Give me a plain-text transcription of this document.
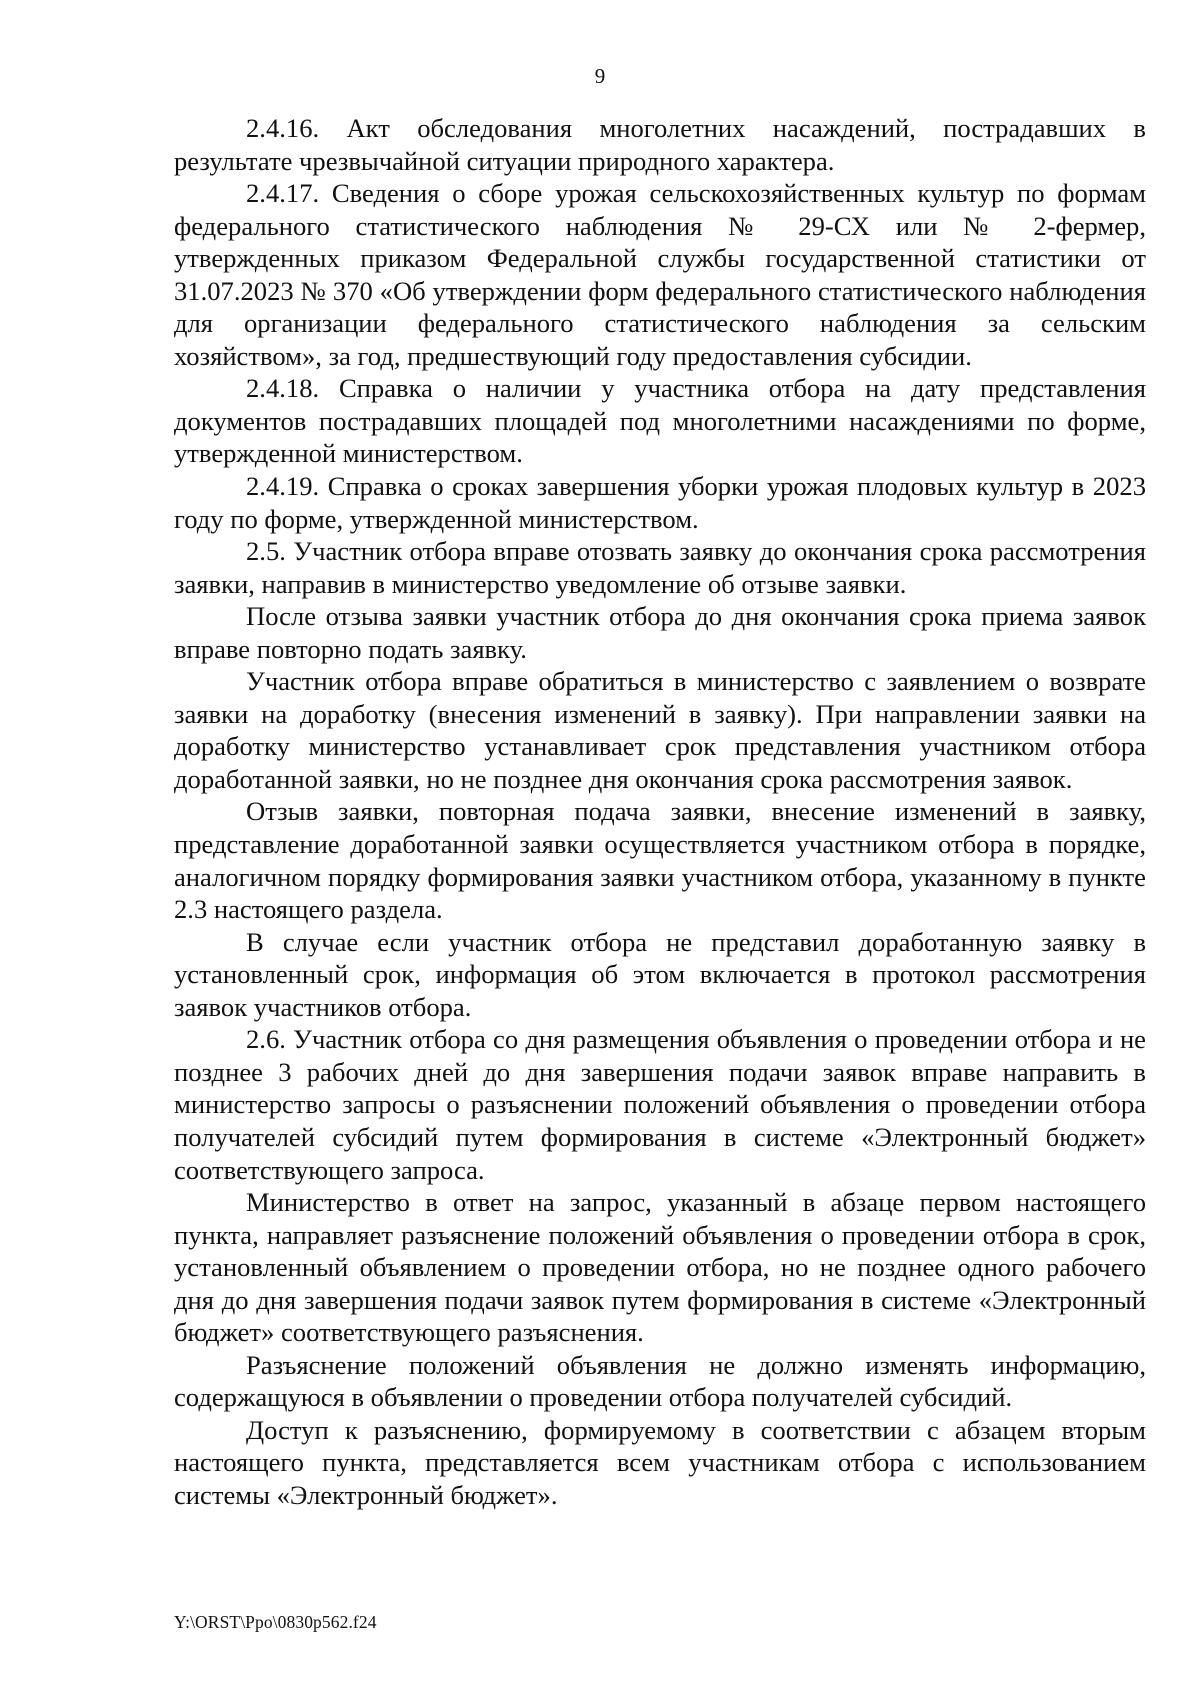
9

2.4.16. Акт обследования многолетних насаждений, пострадавших в результате чрезвычайной ситуации природного характера.

2.4.17. Сведения о сборе урожая сельскохозяйственных культур по формам федерального статистического наблюдения № 29-СХ или № 2-фермер, утвержденных приказом Федеральной службы государственной статистики от 31.07.2023 № 370 «Об утверждении форм федерального статистического наблюдения для организации федерального статистического наблюдения за сельским хозяйством», за год, предшествующий году предоставления субсидии.

2.4.18. Справка о наличии у участника отбора на дату представления документов пострадавших площадей под многолетними насаждениями по форме, утвержденной министерством.

2.4.19. Справка о сроках завершения уборки урожая плодовых культур в 2023 году по форме, утвержденной министерством.

2.5. Участник отбора вправе отозвать заявку до окончания срока рассмотрения заявки, направив в министерство уведомление об отзыве заявки.

После отзыва заявки участник отбора до дня окончания срока приема заявок вправе повторно подать заявку.

Участник отбора вправе обратиться в министерство с заявлением о возврате заявки на доработку (внесения изменений в заявку). При направлении заявки на доработку министерство устанавливает срок представления участником отбора доработанной заявки, но не позднее дня окончания срока рассмотрения заявок.

Отзыв заявки, повторная подача заявки, внесение изменений в заявку, представление доработанной заявки осуществляется участником отбора в порядке, аналогичном порядку формирования заявки участником отбора, указанному в пункте 2.3 настоящего раздела.

В случае если участник отбора не представил доработанную заявку в установленный срок, информация об этом включается в протокол рассмотрения заявок участников отбора.

2.6. Участник отбора со дня размещения объявления о проведении отбора и не позднее 3 рабочих дней до дня завершения подачи заявок вправе направить в министерство запросы о разъяснении положений объявления о проведении отбора получателей субсидий путем формирования в системе «Электронный бюджет» соответствующего запроса.

Министерство в ответ на запрос, указанный в абзаце первом настоящего пункта, направляет разъяснение положений объявления о проведении отбора в срок, установленный объявлением о проведении отбора, но не позднее одного рабочего дня до дня завершения подачи заявок путем формирования в системе «Электронный бюджет» соответствующего разъяснения.

Разъяснение положений объявления не должно изменять информацию, содержащуюся в объявлении о проведении отбора получателей субсидий.

Доступ к разъяснению, формируемому в соответствии с абзацем вторым настоящего пункта, представляется всем участникам отбора с использованием системы «Электронный бюджет».

Y:\ORST\Ppo\0830p562.f24
